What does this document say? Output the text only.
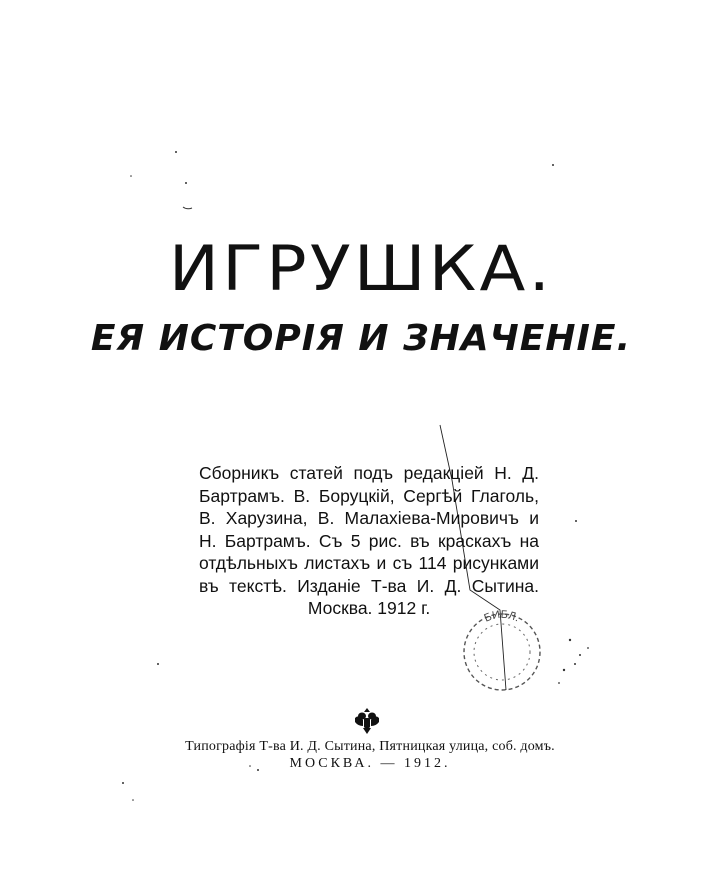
ИГРУШКА.
ЕЯ ИСТОРІЯ И ЗНАЧЕНІЕ.
Сборникъ статей подъ редакціей Н. Д.
Бартрамъ. В. Боруцкій, Сергѣй Глаголь,
В. Харузина, В. Малахіева-Мировичъ и
Н. Бартрамъ. Съ 5 рис. въ краскахъ на
отдѣльныхъ листахъ и съ 114 рисунками
въ текстѣ. Изданіе Т-ва И. Д. Сытина.
Москва. 1912 г.	БИБЛ.
Типографія Т-ва И. Д. Сытина, Пятницкая улица, соб. домъ.
МОСКВА. — 1912.
